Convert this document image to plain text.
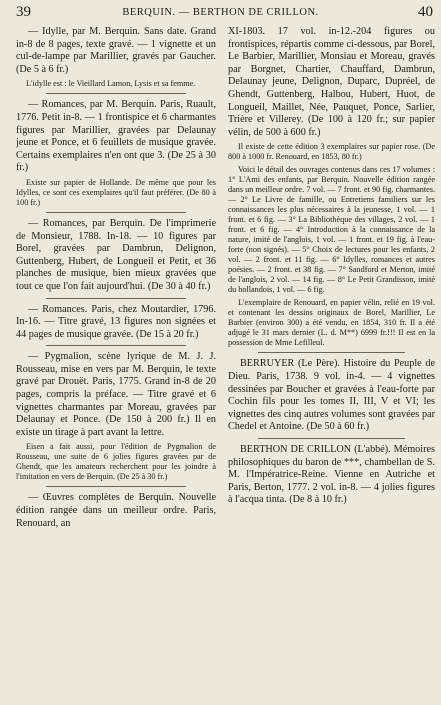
39	BERQUIN. — BERTHON DE CRILLON.	40

— Idylle, par M. Berquin. Sans date. Grand in-8 de 8 pages, texte gravé. — 1 vignette et un cul-de-lampe par Marillier, gravés par Gaucher. (De 5 à 6 fr.)

L'idylle est : le Vieillard Lamon, Lysis et sa femme.

— Romances, par M. Berquin. Paris, Ruault, 1776. Petit in-8. — 1 frontispice et 6 charmantes figures par Marillier, gravées par Delaunay jeune et Ponce, et 6 feuillets de musique gravée. Certains exemplaires n'en ont que 3. (De 25 à 30 fr.)

Existe sur papier de Hollande. De même que pour les Idylles, ce sont ces exemplaires qu'il faut préférer. (De 80 à 100 fr.)

— Romances, par Berquin. De l'imprimerie de Monsieur, 1788. In-18. — 10 figures par Borel, gravées par Dambrun, Delignon, Guttenberg, Hubert, de Longueil et Petit, et 36 planches de musique, bien mieux gravées que tout ce que l'on fait aujourd'hui. (De 30 à 40 fr.)

— Romances. Paris, chez Moutardier, 1796. In-16. — Titre gravé, 13 figures non signées et 44 pages de musique gravée. (De 15 à 20 fr.)

— Pygmalion, scène lyrique de M. J. J. Rousseau, mise en vers par M. Berquin, le texte gravé par Drouët. Paris, 1775. Grand in-8 de 20 pages, compris la préface. — Titre gravé et 6 vignettes charmantes par Moreau, gravées par Delaunay et Ponce. (De 150 à 200 fr.) Il en existe un tirage à part avant la lettre.

Eisen a fait aussi, pour l'édition de Pygmalion de Rousseau, une suite de 6 jolies figures gravées par de Ghendt, que les amateurs recherchent pour les joindre à l'imitation en vers de Berquin. (De 25 à 30 fr.)

— Œuvres complètes de Berquin. Nouvelle édition rangée dans un meilleur ordre. Paris, Renouard, an

XI-1803. 17 vol. in-12.-204 figures ou frontispices, répartis comme ci-dessous, par Borel, Le Barbier, Marillier, Monsiau et Moreau, gravés par Borgnet, Chartier, Chauffard, Dambrun, Delaunay jeune, Delignon, Duparc, Dupréel, de Ghendt, Guttenberg, Halbou, Hubert, Huot, de Longueil, Maillet, Née, Pauquet, Ponce, Sarlier, Trière et Villerey. (De 100 à 120 fr.; sur papier vélin, de 500 à 600 fr.)

Il existe de cette édition 3 exemplaires sur papier rose. (De 800 à 1000 fr. Renouard, en 1853, 80 fr.)

Voici le détail des ouvrages contenus dans ces 17 volumes : 1° L'Ami des enfants, par Berquin. Nouvelle édition rangée dans un meilleur ordre. 7 vol. — 7 front. et 90 fig. charmantes. — 2° Le Livre de famille, ou Entretiens familiers sur les connaissances les plus nécessaires à la jeunesse, 1 vol. — 1 front. et 6 fig. — 3° La Bibliothèque des villages, 2 vol. — 1 front. et 6 fig. — 4° Introduction à la connaissance de la nature, imité de l'anglois, 1 vol. — 1 front. et 19 fig. à l'eau-forte (non signés). — 5° Choix de lectures pour les enfants, 2 vol. — 2 front. et 11 fig. — 6° Idylles, romances et autres poésies. — 2 front. et 38 fig. — 7° Sandford et Merton, imité de l'anglois, 2 vol. — 14 fig. — 8° Le Petit Grandisson, imité du hollandois, 1 vol. — 6 fig.

L'exemplaire de Renouard, en papier vélin, relié en 19 vol. et contenant les dessins originaux de Borel, Marillier, Le Barbier (environ 300) a été vendu, en 1854, 310 fr. Il a été adjugé le 31 mars dernier (L. d. M**) 6999 fr.!!! Il est en la possession de Mme Lefilleul.

BERRUYER (Le Père). Histoire du Peuple de Dieu. Paris, 1738. 9 vol. in-4. — 4 vignettes dessinées par Boucher et gravées à l'eau-forte par Cochin fils pour les tomes II, III, V et VI; les vignettes des cinq autres volumes sont gravées par Chedel et Antoine. (De 50 à 60 fr.)

BERTHON DE CRILLON (L'abbé). Mémoires philosophiques du baron de ***, chambellan de S. M. l'Impératrice-Reine. Vienne en Autriche et Paris, Berton, 1777. 2 vol. in-8. — 4 jolies figures à l'acqua tinta. (De 8 à 10 fr.)
